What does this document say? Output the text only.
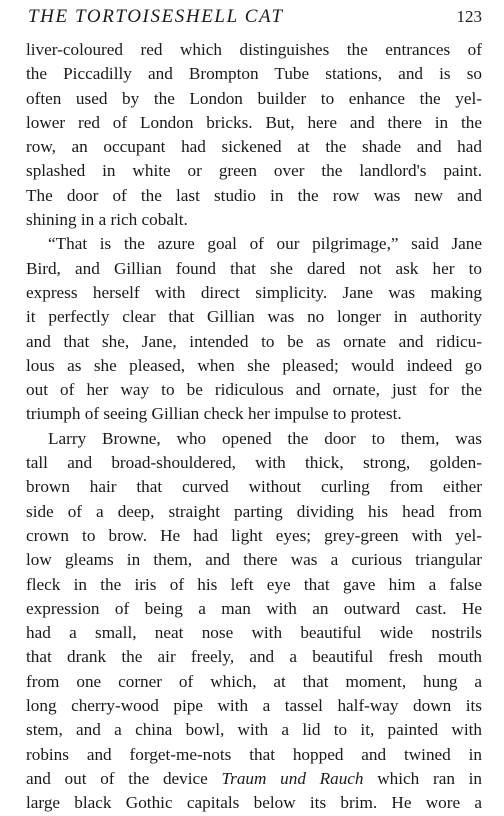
THE TORTOISESHELL CAT	123
liver-coloured red which distinguishes the entrances of
the Piccadilly and Brompton Tube stations, and is so
often used by the London builder to enhance the yel-
lower red of London bricks. But, here and there in the
row, an occupant had sickened at the shade and had
splashed in white or green over the landlord's paint.
The door of the last studio in the row was new and
shining in a rich cobalt.
“That is the azure goal of our pilgrimage,” said Jane
Bird, and Gillian found that she dared not ask her to
express herself with direct simplicity. Jane was making
it perfectly clear that Gillian was no longer in authority
and that she, Jane, intended to be as ornate and ridicu-
lous as she pleased, when she pleased; would indeed go
out of her way to be ridiculous and ornate, just for the
triumph of seeing Gillian check her impulse to protest.
Larry Browne, who opened the door to them, was
tall and broad-shouldered, with thick, strong, golden-
brown hair that curved without curling from either
side of a deep, straight parting dividing his head from
crown to brow. He had light eyes; grey-green with yel-
low gleams in them, and there was a curious triangular
fleck in the iris of his left eye that gave him a false
expression of being a man with an outward cast. He
had a small, neat nose with beautiful wide nostrils
that drank the air freely, and a beautiful fresh mouth
from one corner of which, at that moment, hung a
long cherry-wood pipe with a tassel half-way down its
stem, and a china bowl, with a lid to it, painted with
robins and forget-me-nots that hopped and twined in
and out of the device Traum und Rauch which ran in
large black Gothic capitals below its brim. He wore a
